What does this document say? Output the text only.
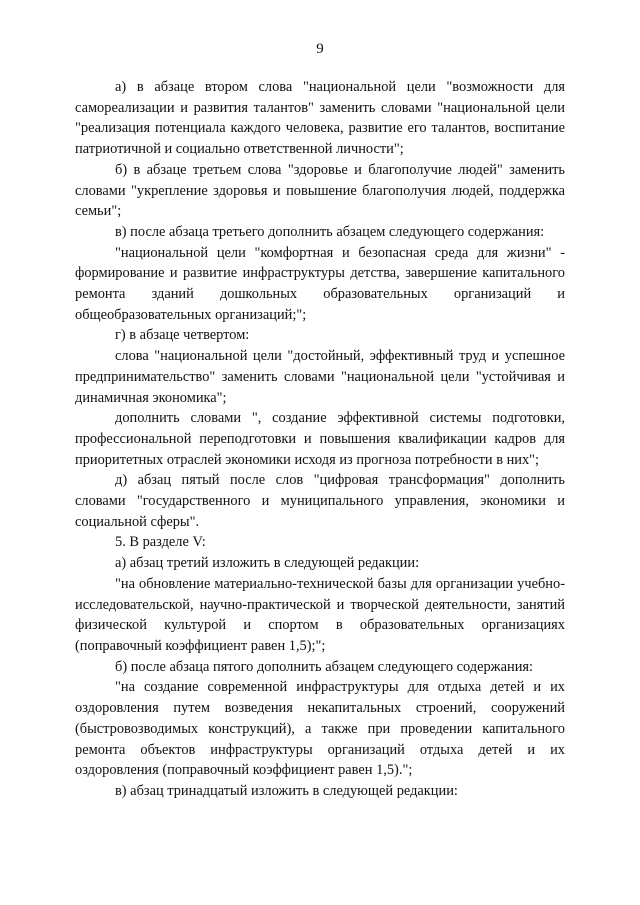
9

а) в абзаце втором слова "национальной цели "возможности для самореализации и развития талантов" заменить словами "национальной цели "реализация потенциала каждого человека, развитие его талантов, воспитание патриотичной и социально ответственной личности";

б) в абзаце третьем слова "здоровье и благополучие людей" заменить словами "укрепление здоровья и повышение благополучия людей, поддержка семьи";

в) после абзаца третьего дополнить абзацем следующего содержания:

"национальной цели "комфортная и безопасная среда для жизни" - формирование и развитие инфраструктуры детства, завершение капитального ремонта зданий дошкольных образовательных организаций и общеобразовательных организаций;";

г) в абзаце четвертом:

слова "национальной цели "достойный, эффективный труд и успешное предпринимательство" заменить словами "национальной цели "устойчивая и динамичная экономика";

дополнить словами ", создание эффективной системы подготовки, профессиональной переподготовки и повышения квалификации кадров для приоритетных отраслей экономики исходя из прогноза потребности в них";

д) абзац пятый после слов "цифровая трансформация" дополнить словами "государственного и муниципального управления, экономики и социальной сферы".

5. В разделе V:

а) абзац третий изложить в следующей редакции:

"на обновление материально-технической базы для организации учебно-исследовательской, научно-практической и творческой деятельности, занятий физической культурой и спортом в образовательных организациях (поправочный коэффициент равен 1,5);";

б) после абзаца пятого дополнить абзацем следующего содержания:

"на создание современной инфраструктуры для отдыха детей и их оздоровления путем возведения некапитальных строений, сооружений (быстровозводимых конструкций), а также при проведении капитального ремонта объектов инфраструктуры организаций отдыха детей и их оздоровления (поправочный коэффициент равен 1,5).";

в) абзац тринадцатый изложить в следующей редакции:
